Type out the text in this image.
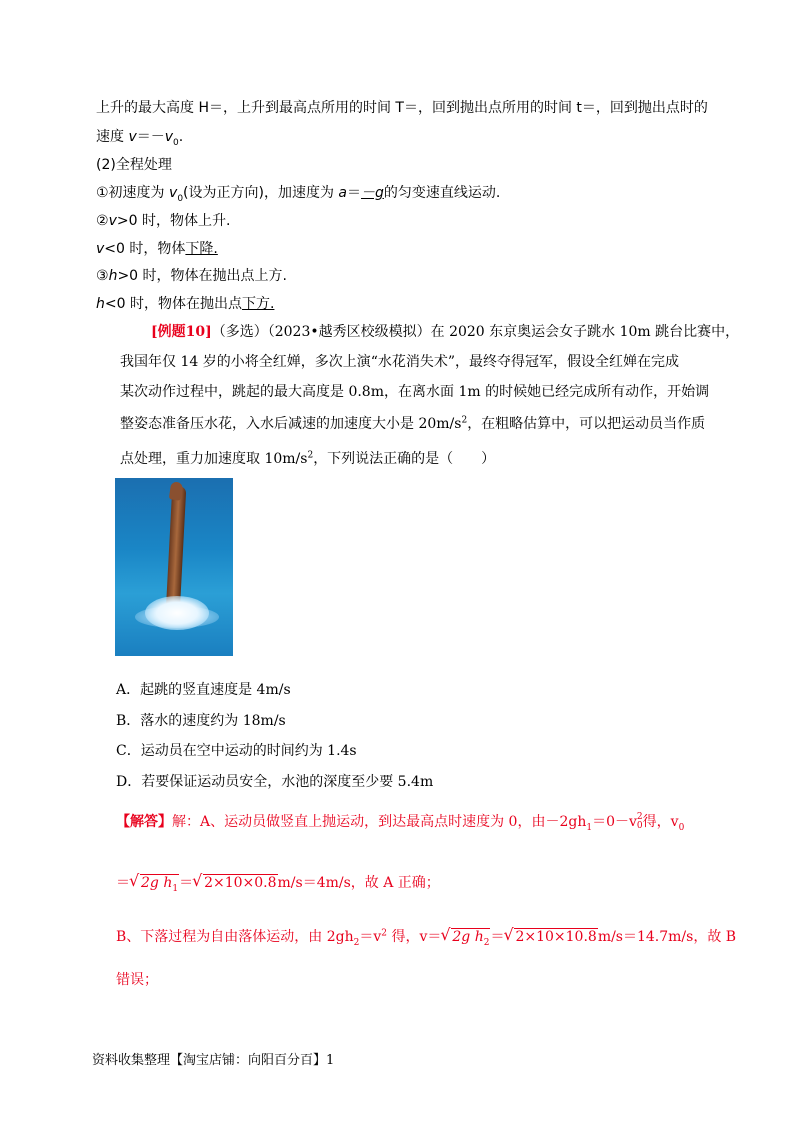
上升的最大高度 H＝，上升到最高点所用的时间 T＝，回到抛出点所用的时间 t＝，回到抛出点时的
速度 $v=-v_0$.
(2)全程处理
①初速度为 $v_0$(设为正方向)，加速度为 a＝－g的匀变速直线运动.
②v>0 时，物体上升.
v<0 时，物体下降.
③h>0 时，物体在抛出点上方.
h<0 时，物体在抛出点下方.
[例题10]（多选）（2023•越秀区校级模拟）在 2020 东京奥运会女子跳水 10m 跳台比赛中，
我国年仅 14 岁的小将全红婵，多次上演“水花消失术”，最终夺得冠军，假设全红婵在完成
某次动作过程中，跳起的最大高度是 0.8m，在离水面 1m 的时候她已经完成所有动作，开始调
整姿态准备压水花，入水后减速的加速度大小是 $20m/s^2$，在粗略估算中，可以把运动员当作质
点处理，重力加速度取 $10m/s^2$，下列说法正确的是（　　）
A．起跳的竖直速度是 4m/s
B．落水的速度约为 18m/s
C．运动员在空中运动的时间约为 1.4s
D．若要保证运动员安全，水池的深度至少要 5.4m
【解答】解：A、运动员做竖直上抛运动，到达最高点时速度为 0，由$-2gh_1=0-v$ 2
0 得，$v_0$
＝√ 2g $h_1=√$ 2×10×0.8m/s＝4m/s，故 A 正确；
B、下落过程为自由落体运动，由 $2gh_2=v^2$ 得，v＝√ 2g $h_2=√$ 2×10×10.8m/s＝14.7m/s，故 B
错误；
资料收集整理【淘宝店铺：向阳百分百】1
